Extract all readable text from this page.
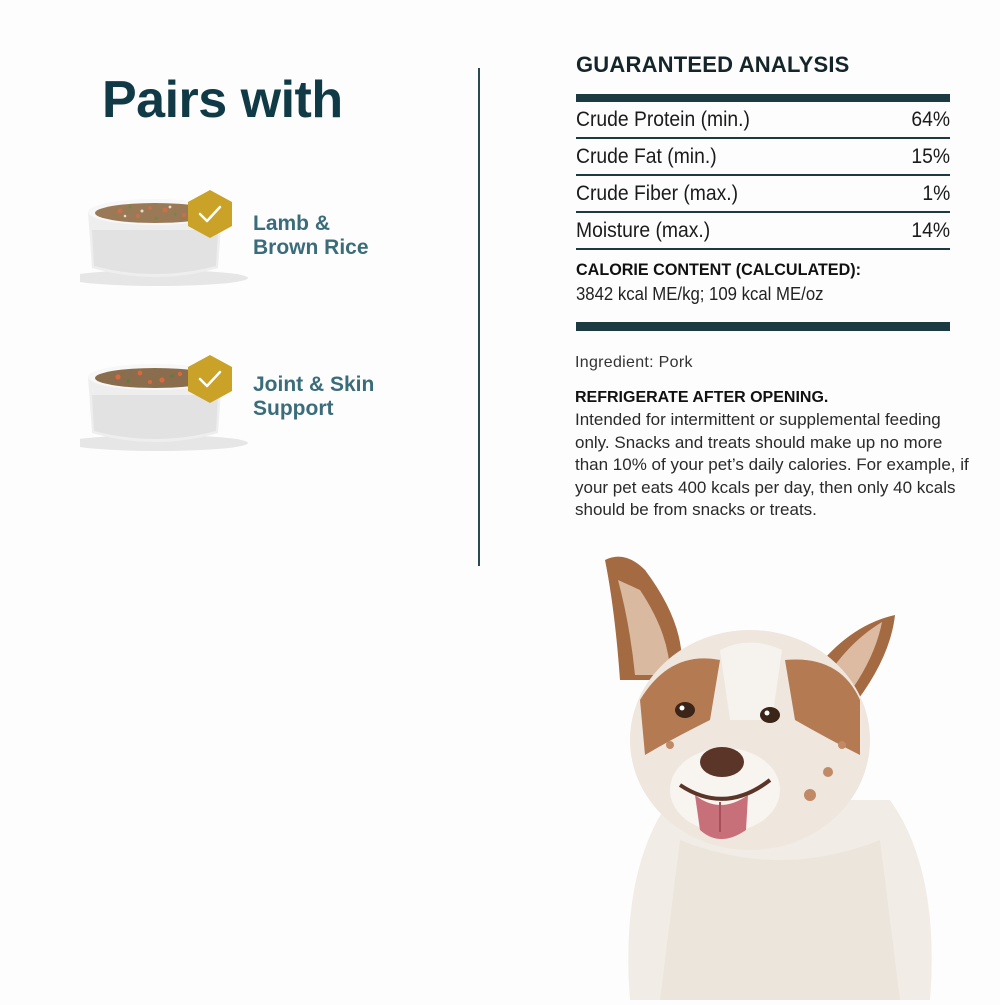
Pairs with

Lamb &
Brown Rice

Joint & Skin
Support

GUARANTEED ANALYSIS
Crude Protein (min.)	64%
Crude Fat (min.)	15%
Crude Fiber (max.)	1%
Moisture (max.)	14%

CALORIE CONTENT (CALCULATED):

3842 kcal ME/kg; 109 kcal ME/oz

Ingredient: Pork

REFRIGERATE AFTER OPENING.

Intended for intermittent or supplemental feeding only. Snacks and treats should make up no more than 10% of your pet’s daily calories. For example, if your pet eats 400 kcals per day, then only 40 kcals should be from snacks or treats.
